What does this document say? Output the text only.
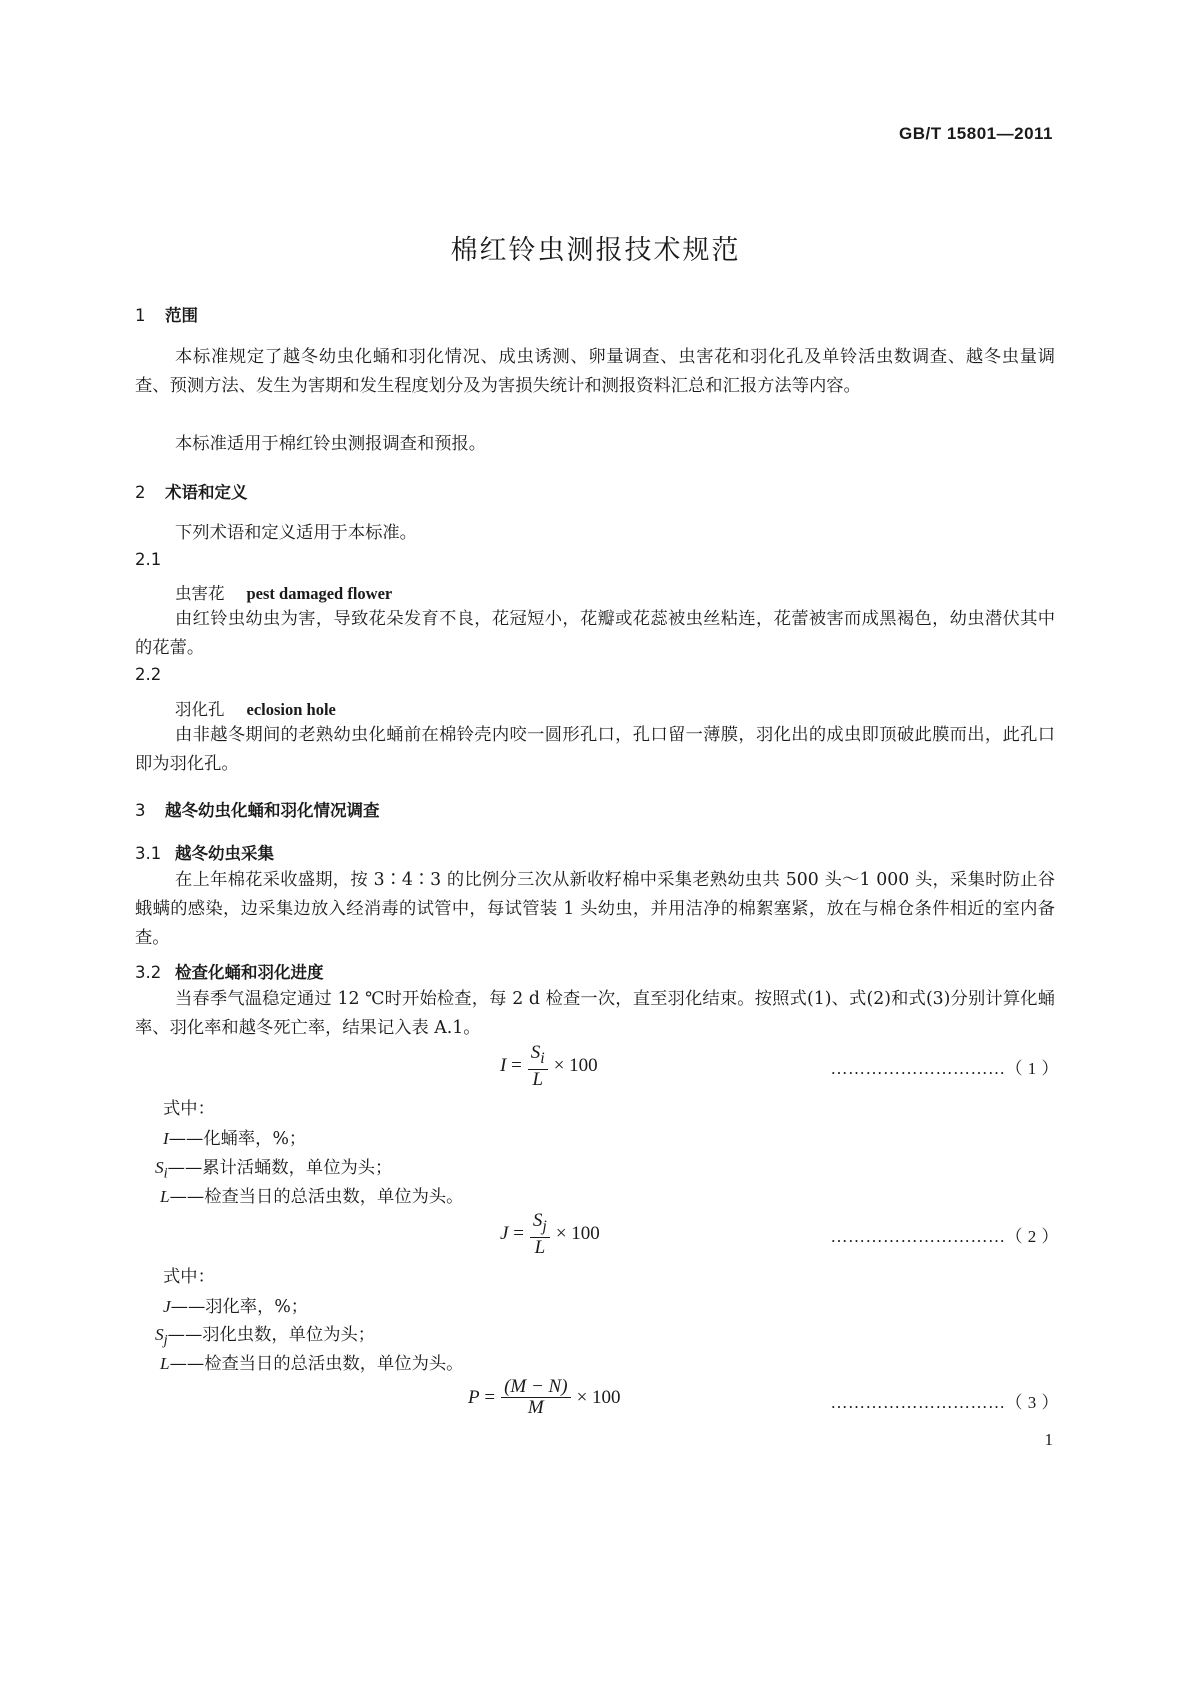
GB/T 15801—2011
棉红铃虫测报技术规范
1 范围
本标准规定了越冬幼虫化蛹和羽化情况、成虫诱测、卵量调查、虫害花和羽化孔及单铃活虫数调查、越冬虫量调查、预测方法、发生为害期和发生程度划分及为害损失统计和测报资料汇总和汇报方法等内容。
本标准适用于棉红铃虫测报调查和预报。
2 术语和定义
下列术语和定义适用于本标准。
2.1
虫害花 pest damaged flower
由红铃虫幼虫为害，导致花朵发育不良，花冠短小，花瓣或花蕊被虫丝粘连，花蕾被害而成黑褐色，幼虫潜伏其中的花蕾。
2.2
羽化孔 eclosion hole
由非越冬期间的老熟幼虫化蛹前在棉铃壳内咬一圆形孔口，孔口留一薄膜，羽化出的成虫即顶破此膜而出，此孔口即为羽化孔。
3 越冬幼虫化蛹和羽化情况调查
3.1 越冬幼虫采集
在上年棉花采收盛期，按 3∶4∶3 的比例分三次从新收籽棉中采集老熟幼虫共 500 头～1 000 头，采集时防止谷蛾螨的感染，边采集边放入经消毒的试管中，每试管装 1 头幼虫，并用洁净的棉絮塞紧，放在与棉仓条件相近的室内备查。
3.2 检查化蛹和羽化进度
当春季气温稳定通过 12 ℃时开始检查，每 2 d 检查一次，直至羽化结束。按照式(1)、式(2)和式(3)分别计算化蛹率、羽化率和越冬死亡率，结果记入表 A.1。
$I = \frac{S_i}{L} \times 100$	…………………………（ 1 ）
式中：
I——化蛹率，%；
$S_i——$累计活蛹数，单位为头；
L——检查当日的总活虫数，单位为头。
$J = \frac{S_j}{L} \times 100$	…………………………（ 2 ）
式中：
J——羽化率，%；
$S_j——$羽化虫数，单位为头；
L——检查当日的总活虫数，单位为头。
$P = \frac{(M - N)}{M} \times 100$	…………………………（ 3 ）
1
